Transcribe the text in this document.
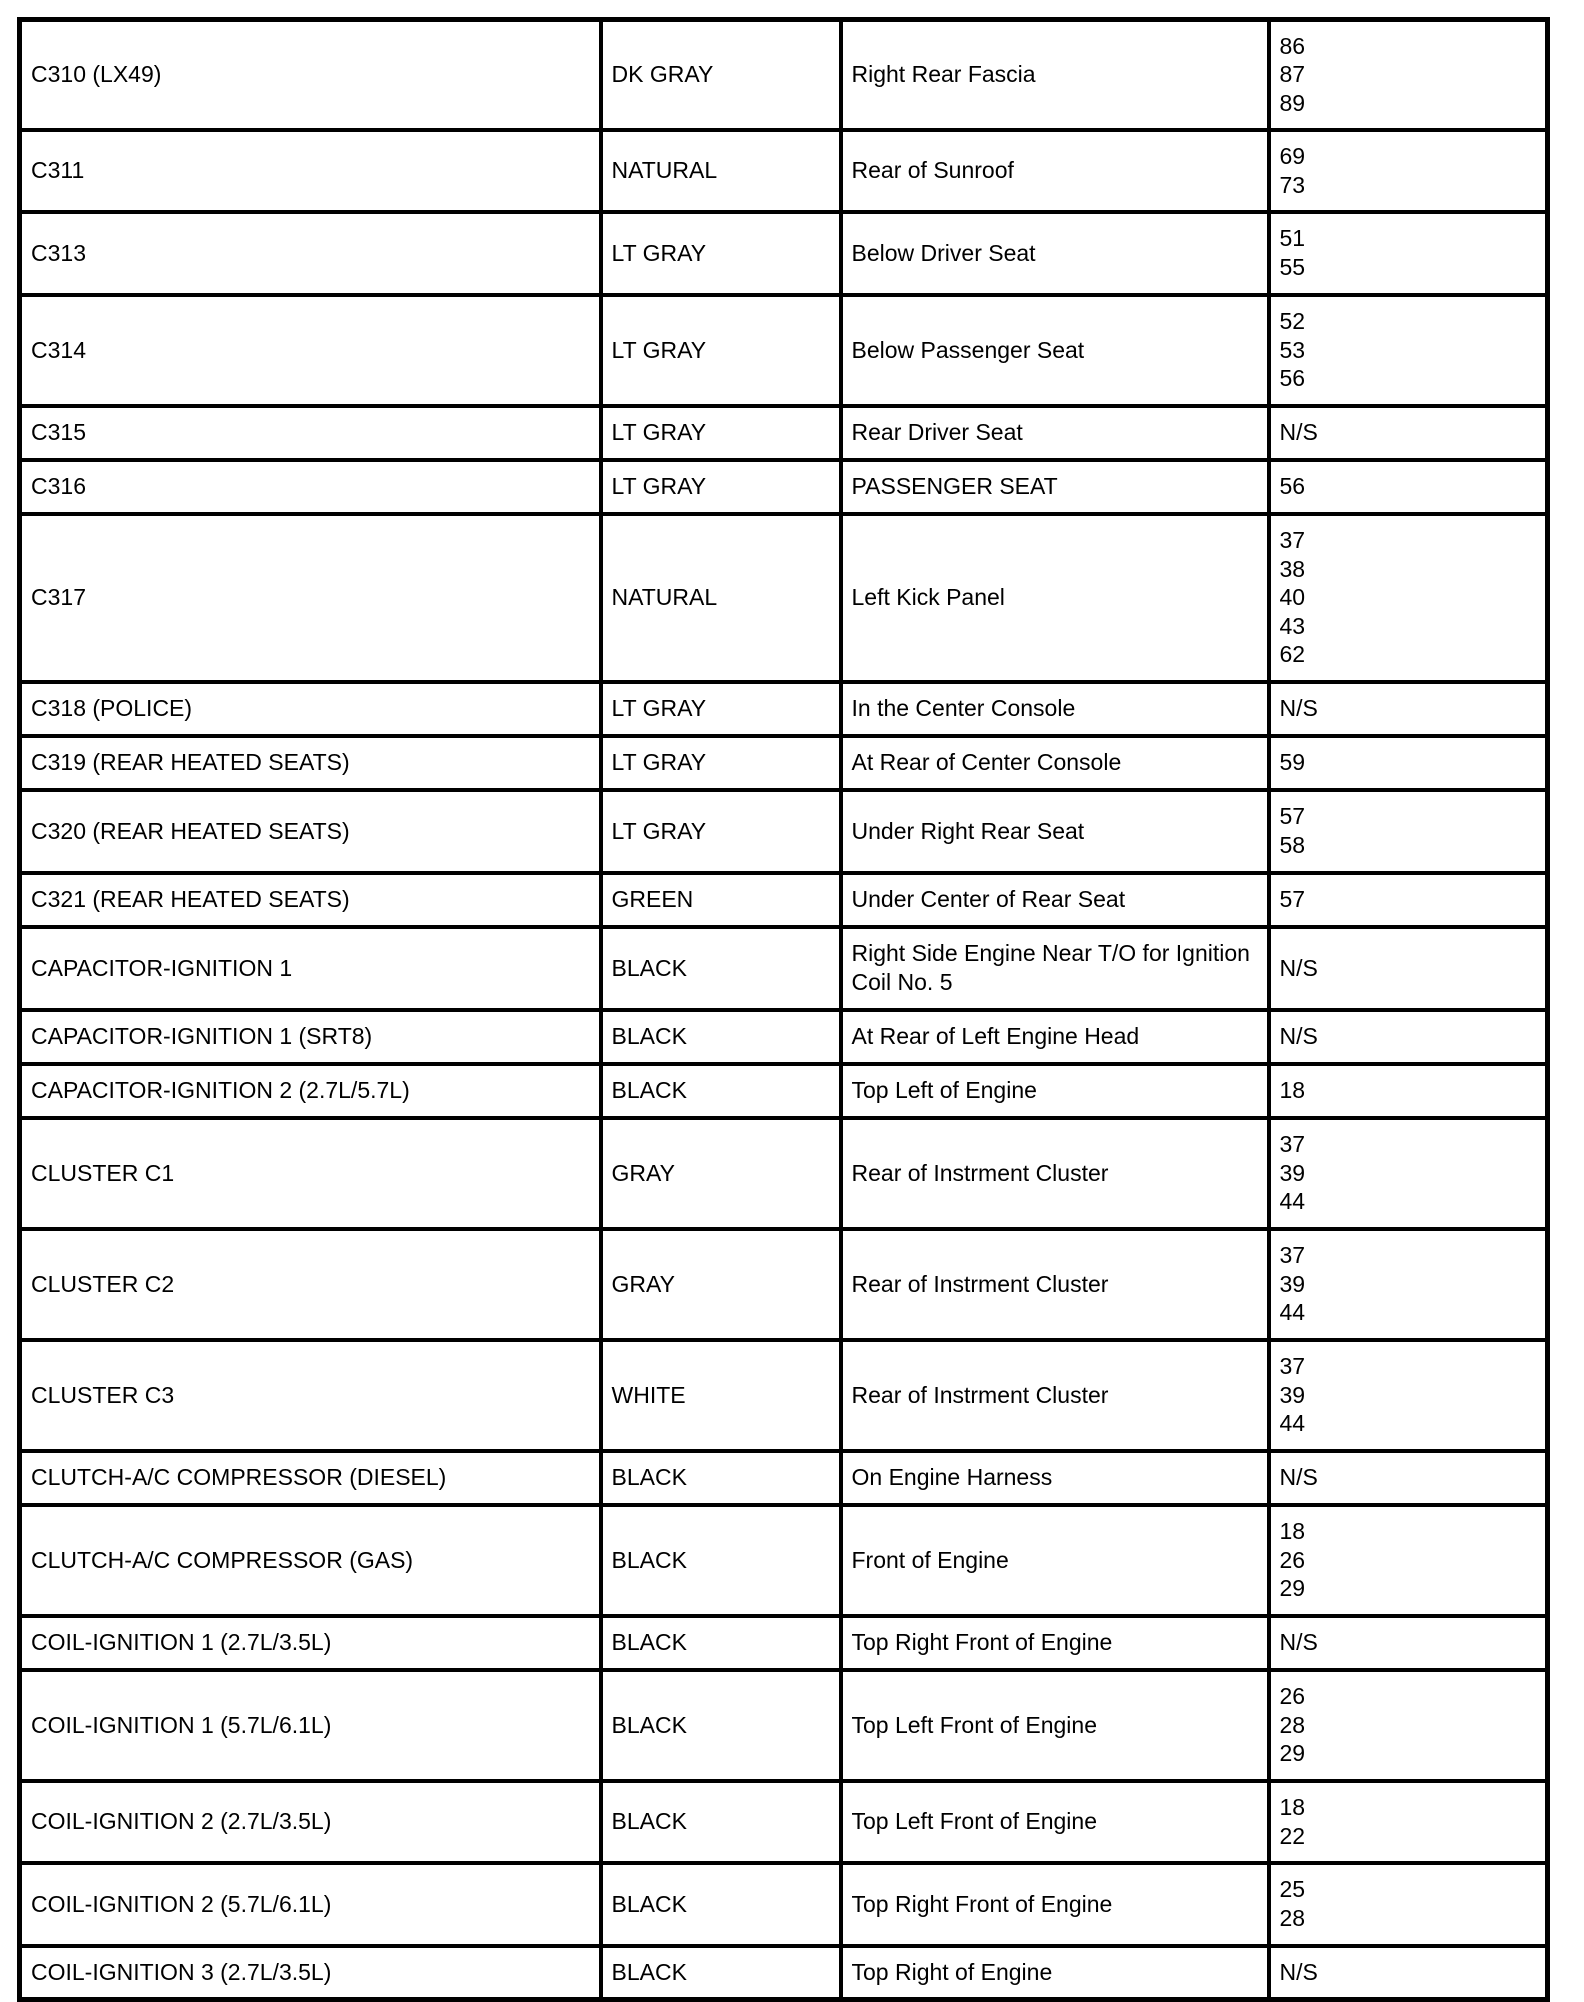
C310 (LX49)	DK GRAY	Right Rear Fascia	86
87
89
C311	NATURAL	Rear of Sunroof	69
73
C313	LT GRAY	Below Driver Seat	51
55
C314	LT GRAY	Below Passenger Seat	52
53
56
C315	LT GRAY	Rear Driver Seat	N/S
C316	LT GRAY	PASSENGER SEAT	56
C317	NATURAL	Left Kick Panel	37
38
40
43
62
C318 (POLICE)	LT GRAY	In the Center Console	N/S
C319 (REAR HEATED SEATS)	LT GRAY	At Rear of Center Console	59
C320 (REAR HEATED SEATS)	LT GRAY	Under Right Rear Seat	57
58
C321 (REAR HEATED SEATS)	GREEN	Under Center of Rear Seat	57
CAPACITOR-IGNITION 1	BLACK	Right Side Engine Near T/O for Ignition Coil No. 5	N/S
CAPACITOR-IGNITION 1 (SRT8)	BLACK	At Rear of Left Engine Head	N/S
CAPACITOR-IGNITION 2 (2.7L/5.7L)	BLACK	Top Left of Engine	18
CLUSTER C1	GRAY	Rear of Instrment Cluster	37
39
44
CLUSTER C2	GRAY	Rear of Instrment Cluster	37
39
44
CLUSTER C3	WHITE	Rear of Instrment Cluster	37
39
44
CLUTCH-A/C COMPRESSOR (DIESEL)	BLACK	On Engine Harness	N/S
CLUTCH-A/C COMPRESSOR (GAS)	BLACK	Front of Engine	18
26
29
COIL-IGNITION 1 (2.7L/3.5L)	BLACK	Top Right Front of Engine	N/S
COIL-IGNITION 1 (5.7L/6.1L)	BLACK	Top Left Front of Engine	26
28
29
COIL-IGNITION 2 (2.7L/3.5L)	BLACK	Top Left Front of Engine	18
22
COIL-IGNITION 2 (5.7L/6.1L)	BLACK	Top Right Front of Engine	25
28
COIL-IGNITION 3 (2.7L/3.5L)	BLACK	Top Right of Engine	N/S
